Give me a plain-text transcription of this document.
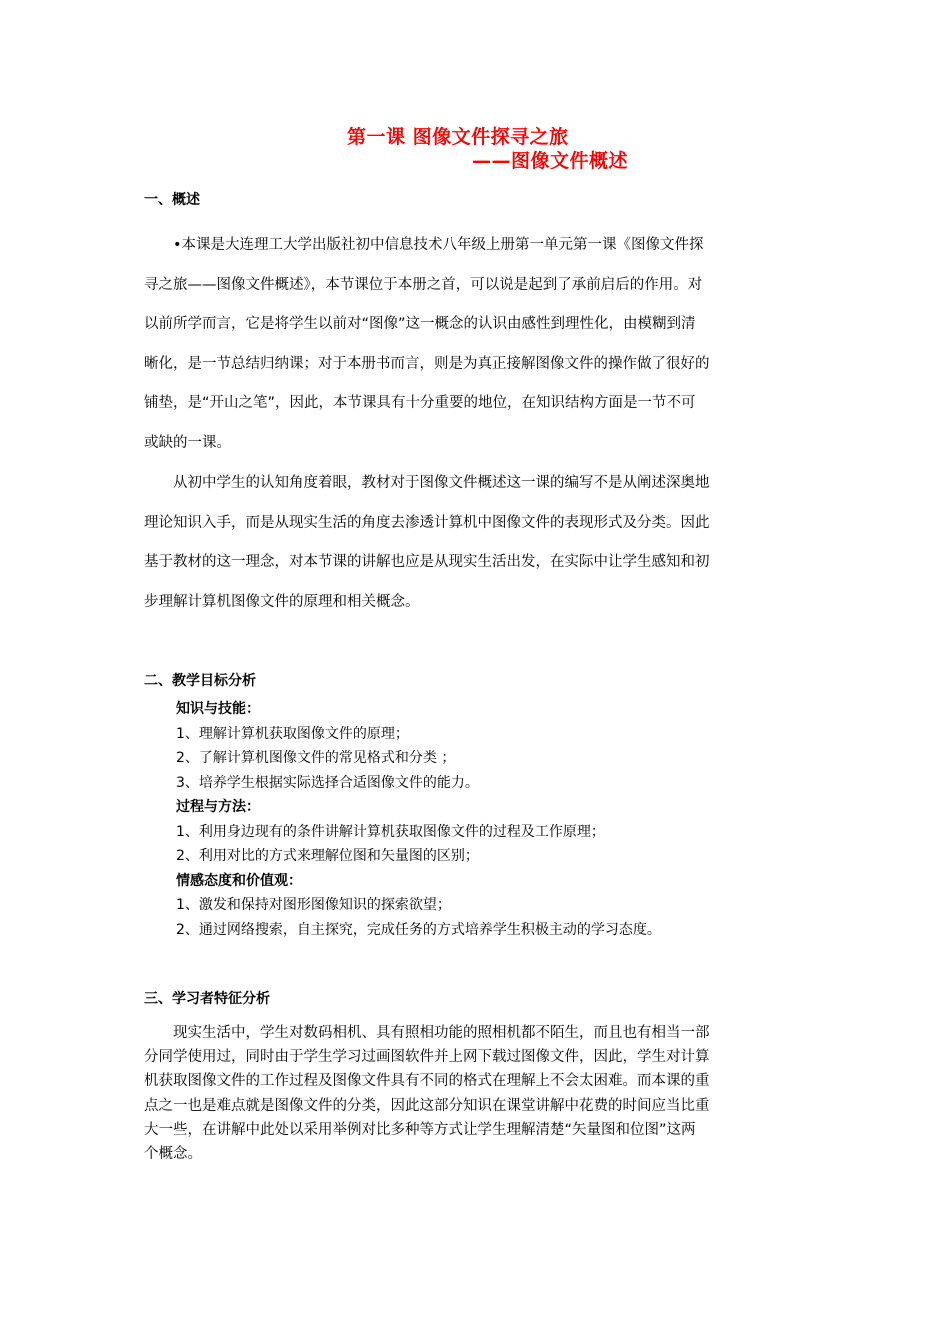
第一课 图像文件探寻之旅
——图像文件概述
一、概述
　　•本课是大连理工大学出版社初中信息技术八年级上册第一单元第一课《图像文件探
寻之旅——图像文件概述》，本节课位于本册之首，可以说是起到了承前启后的作用。对
以前所学而言，它是将学生以前对“图像”这一概念的认识由感性到理性化，由模糊到清
晰化，是一节总结归纳课；对于本册书而言，则是为真正接解图像文件的操作做了很好的
铺垫，是“开山之笔”，因此，本节课具有十分重要的地位，在知识结构方面是一节不可
或缺的一课。
　　从初中学生的认知角度着眼，教材对于图像文件概述这一课的编写不是从阐述深奥地
理论知识入手，而是从现实生活的角度去渗透计算机中图像文件的表现形式及分类。因此
基于教材的这一理念，对本节课的讲解也应是从现实生活出发，在实际中让学生感知和初
步理解计算机图像文件的原理和相关概念。
二、教学目标分析
知识与技能：
1、理解计算机获取图像文件的原理；
2、了解计算机图像文件的常见格式和分类 ；
3、培养学生根据实际选择合适图像文件的能力。
过程与方法：
1、利用身边现有的条件讲解计算机获取图像文件的过程及工作原理；
2、利用对比的方式来理解位图和矢量图的区别；
情感态度和价值观：
1、激发和保持对图形图像知识的探索欲望；
2、通过网络搜索，自主探究，完成任务的方式培养学生积极主动的学习态度。
三、学习者特征分析
　　现实生活中，学生对数码相机、具有照相功能的照相机都不陌生，而且也有相当一部
分同学使用过，同时由于学生学习过画图软件并上网下载过图像文件，因此，学生对计算
机获取图像文件的工作过程及图像文件具有不同的格式在理解上不会太困难。而本课的重
点之一也是难点就是图像文件的分类，因此这部分知识在课堂讲解中花费的时间应当比重
大一些，在讲解中此处以采用举例对比多种等方式让学生理解清楚“矢量图和位图”这两
个概念。
